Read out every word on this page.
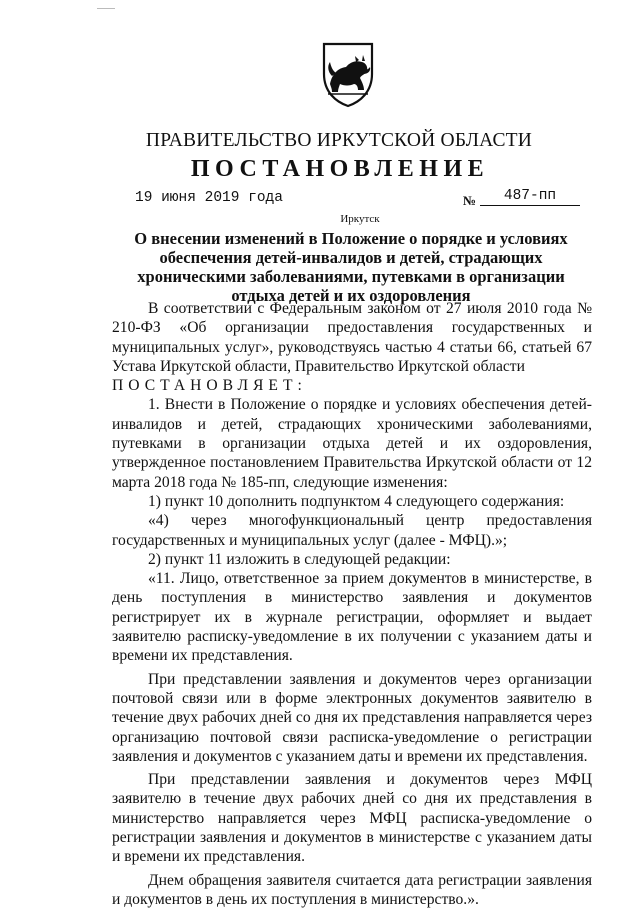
ПРАВИТЕЛЬСТВО ИРКУТСКОЙ ОБЛАСТИ
ПОСТАНОВЛЕНИЕ
19 июня 2019 года	№	487-пп
Иркутск
О внесении изменений в Положение о порядке и условиях обеспечения детей-инвалидов и детей, страдающих хроническими заболеваниями, путевками в организации отдыха детей и их оздоровления

В соответствии с Федеральным законом от 27 июля 2010 года № 210-ФЗ «Об организации предоставления государственных и муниципальных услуг», руководствуясь частью 4 статьи 66, статьей 67 Устава Иркутской области, Правительство Иркутской области

ПОСТАНОВЛЯЕТ:

1. Внести в Положение о порядке и условиях обеспечения детей-инвалидов и детей, страдающих хроническими заболеваниями, путевками в организации отдыха детей и их оздоровления, утвержденное постановлением Правительства Иркутской области от 12 марта 2018 года № 185-пп, следующие изменения:

1) пункт 10 дополнить подпунктом 4 следующего содержания:

«4) через многофункциональный центр предоставления государственных и муниципальных услуг (далее - МФЦ).»;

2) пункт 11 изложить в следующей редакции:

«11. Лицо, ответственное за прием документов в министерстве, в день поступления в министерство заявления и документов регистрирует их в журнале регистрации, оформляет и выдает заявителю расписку-уведомление в их получении с указанием даты и времени их представления.

При представлении заявления и документов через организации почтовой связи или в форме электронных документов заявителю в течение двух рабочих дней со дня их представления направляется через организацию почтовой связи расписка-уведомление о регистрации заявления и документов с указанием даты и времени их представления.

При представлении заявления и документов через МФЦ заявителю в течение двух рабочих дней со дня их представления в министерство направляется через МФЦ расписка-уведомление о регистрации заявления и документов в министерстве с указанием даты и времени их представления.

Днем обращения заявителя считается дата регистрации заявления и документов в день их поступления в министерство.».
